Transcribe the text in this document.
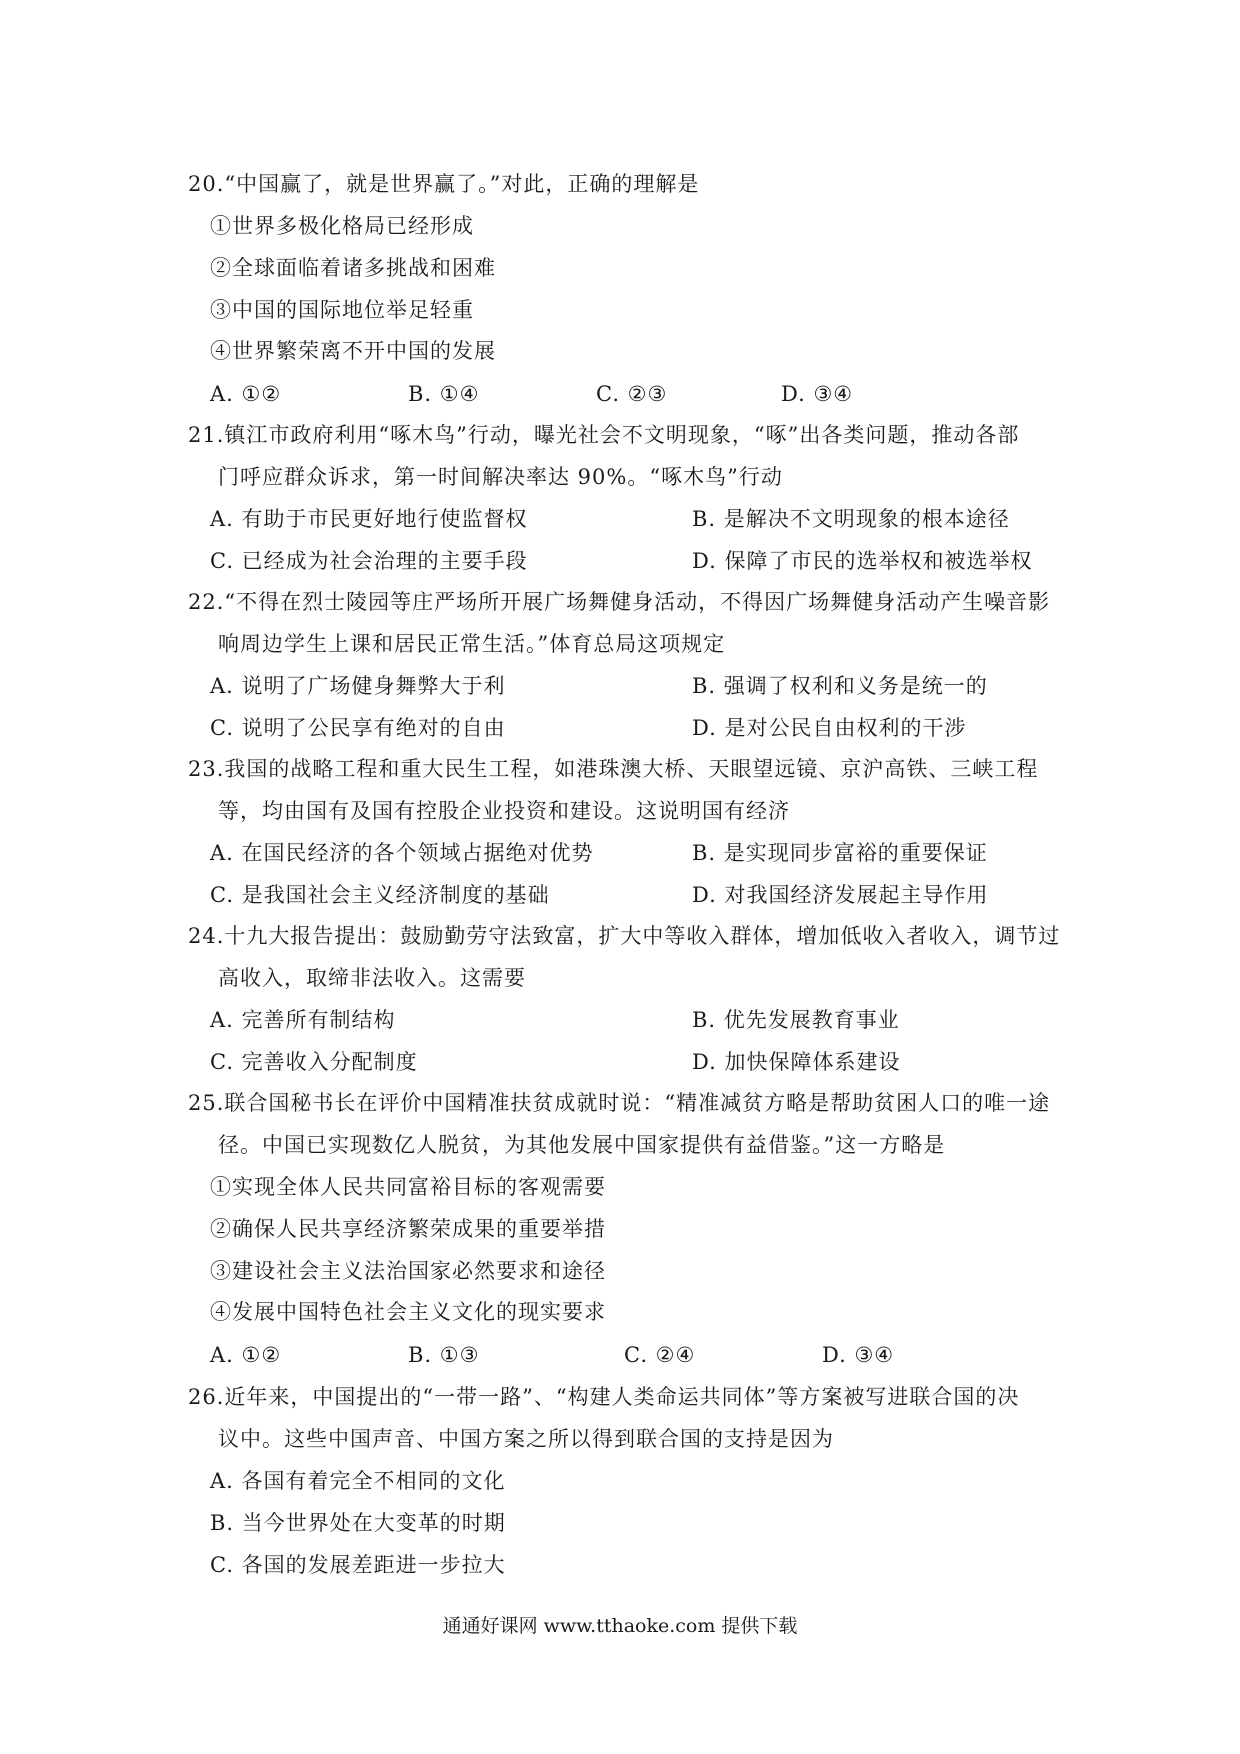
20.“中国赢了，就是世界赢了。”对此，正确的理解是
①世界多极化格局已经形成
②全球面临着诸多挑战和困难
③中国的国际地位举足轻重
④世界繁荣离不开中国的发展
A. ①②	B. ①④	C. ②③	D. ③④
21.镇江市政府利用“啄木鸟”行动，曝光社会不文明现象，“啄”出各类问题，推动各部
门呼应群众诉求，第一时间解决率达 90%。“啄木鸟”行动
A. 有助于市民更好地行使监督权	B. 是解决不文明现象的根本途径
C. 已经成为社会治理的主要手段	D. 保障了市民的选举权和被选举权
22.“不得在烈士陵园等庄严场所开展广场舞健身活动，不得因广场舞健身活动产生噪音影
响周边学生上课和居民正常生活。”体育总局这项规定
A. 说明了广场健身舞弊大于利	B. 强调了权利和义务是统一的
C. 说明了公民享有绝对的自由	D. 是对公民自由权利的干涉
23.我国的战略工程和重大民生工程，如港珠澳大桥、天眼望远镜、京沪高铁、三峡工程
等，均由国有及国有控股企业投资和建设。这说明国有经济
A. 在国民经济的各个领域占据绝对优势	B. 是实现同步富裕的重要保证
C. 是我国社会主义经济制度的基础	D. 对我国经济发展起主导作用
24.十九大报告提出：鼓励勤劳守法致富，扩大中等收入群体，增加低收入者收入，调节过
高收入，取缔非法收入。这需要
A. 完善所有制结构	B. 优先发展教育事业
C. 完善收入分配制度	D. 加快保障体系建设
25.联合国秘书长在评价中国精准扶贫成就时说：“精准减贫方略是帮助贫困人口的唯一途
径。中国已实现数亿人脱贫，为其他发展中国家提供有益借鉴。”这一方略是
①实现全体人民共同富裕目标的客观需要
②确保人民共享经济繁荣成果的重要举措
③建设社会主义法治国家必然要求和途径
④发展中国特色社会主义文化的现实要求
A. ①②	B. ①③	C. ②④	D. ③④
26.近年来，中国提出的“一带一路”、“构建人类命运共同体”等方案被写进联合国的决
议中。这些中国声音、中国方案之所以得到联合国的支持是因为
A. 各国有着完全不相同的文化
B. 当今世界处在大变革的时期
C. 各国的发展差距进一步拉大
通通好课网 www.tthaoke.com 提供下载
